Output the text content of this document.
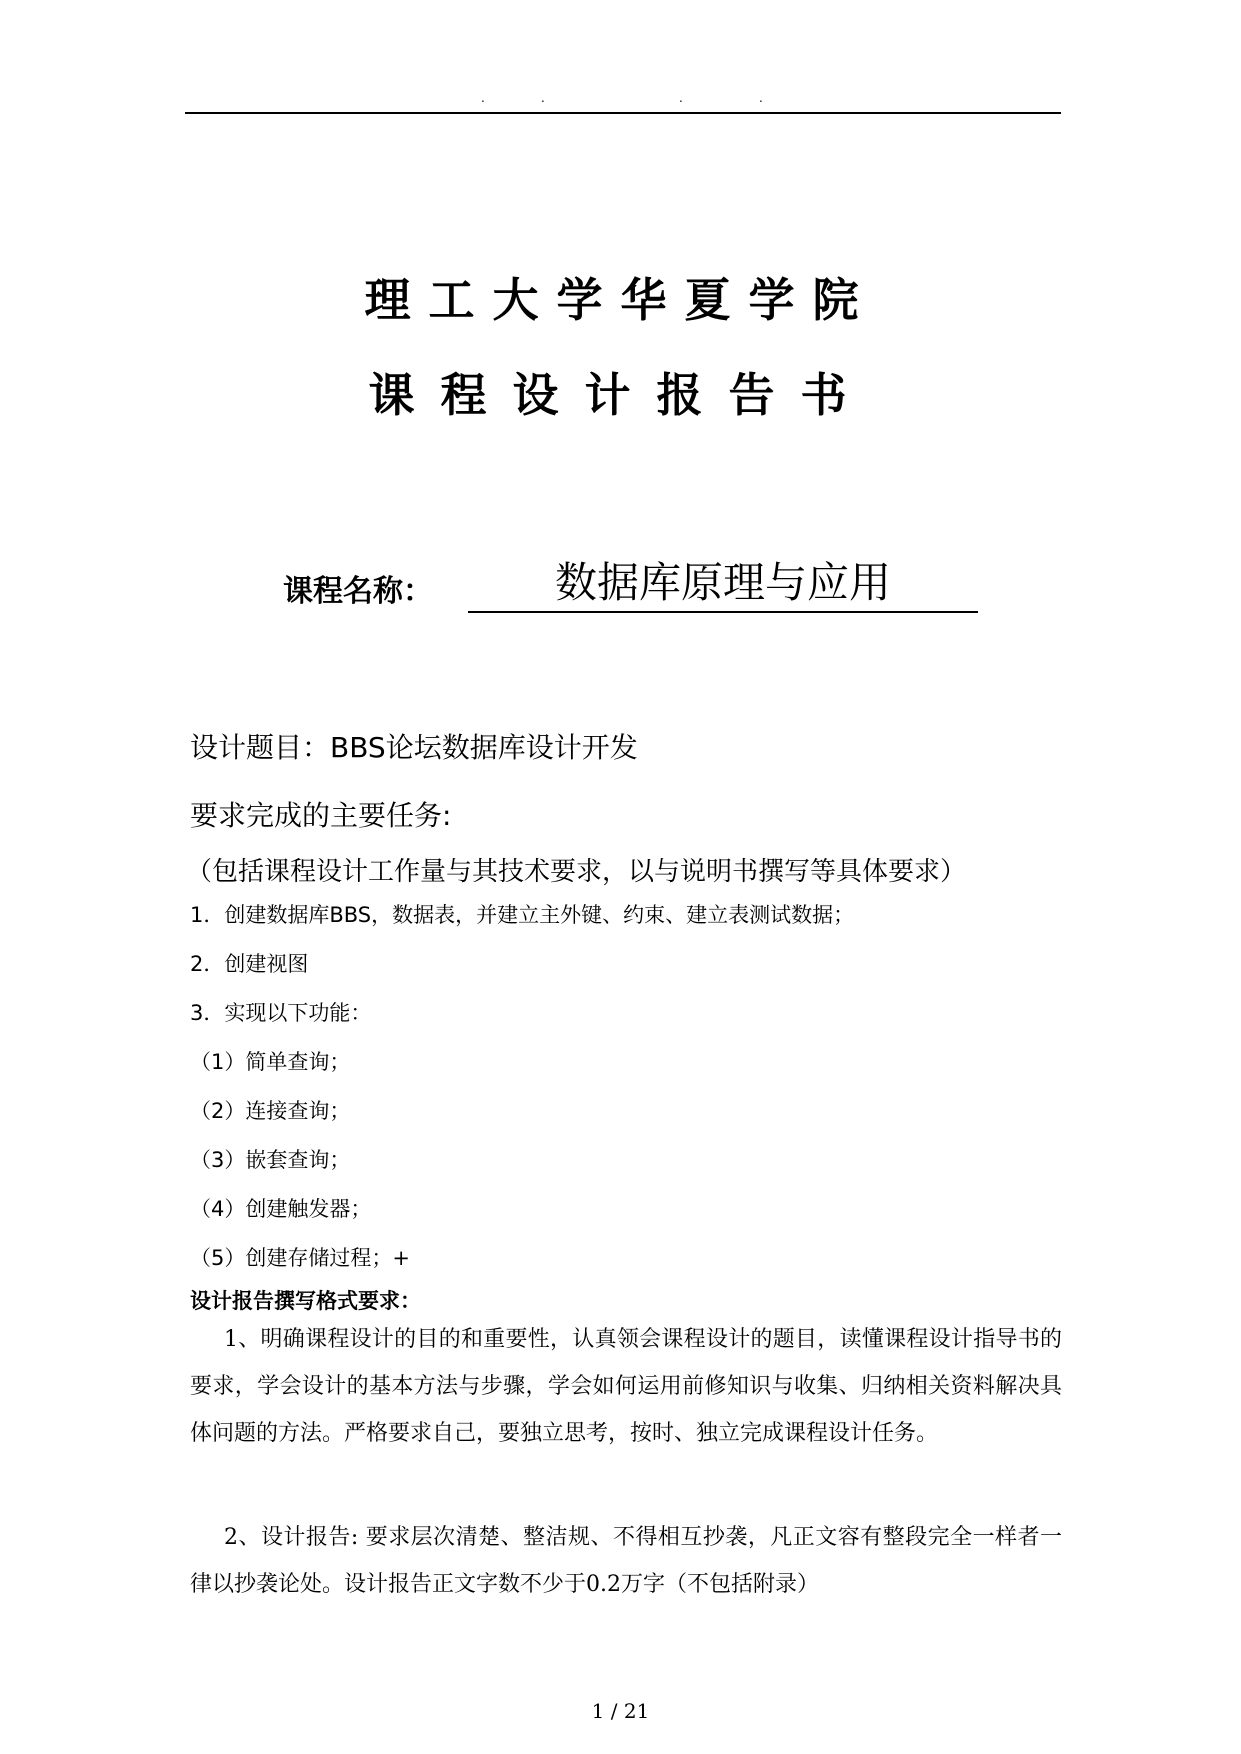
.	.	.	.
理工大学华夏学院
课程设计报告书
课程名称：	数据库原理与应用
设计题目：BBS论坛数据库设计开发
要求完成的主要任务:
（包括课程设计工作量与其技术要求，以与说明书撰写等具体要求）
1．创建数据库BBS，数据表，并建立主外键、约束、建立表测试数据；
2．创建视图
3．实现以下功能：
（1）简单查询；
（2）连接查询；
（3）嵌套查询；
（4）创建触发器；
（5）创建存储过程；+
设计报告撰写格式要求：
1、明确课程设计的目的和重要性，认真领会课程设计的题目，读懂课程设计指导书的要求，学会设计的基本方法与步骤，学会如何运用前修知识与收集、归纳相关资料解决具体问题的方法。严格要求自己，要独立思考，按时、独立完成课程设计任务。
2、设计报告: 要求层次清楚、整洁规、不得相互抄袭，凡正文容有整段完全一样者一律以抄袭论处。设计报告正文字数不少于0.2万字（不包括附录）
1 / 21
